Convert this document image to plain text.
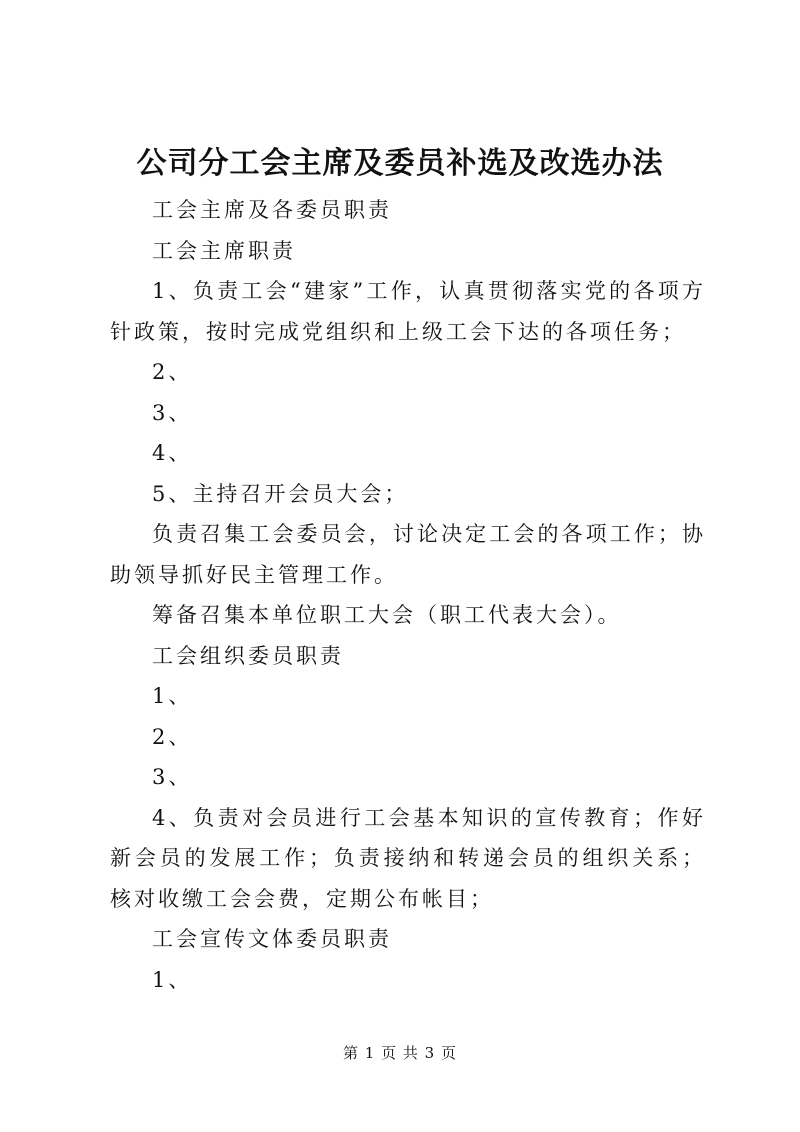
公司分工会主席及委员补选及改选办法

工会主席及各委员职责

工会主席职责

1、负责工会“建家”工作，认真贯彻落实党的各项方针政策，按时完成党组织和上级工会下达的各项任务；

2、

3、

4、

5、主持召开会员大会；

负责召集工会委员会，讨论决定工会的各项工作；协助领导抓好民主管理工作。

筹备召集本单位职工大会（职工代表大会）。

工会组织委员职责

1、

2、

3、

4、负责对会员进行工会基本知识的宣传教育；作好新会员的发展工作；负责接纳和转递会员的组织关系；核对收缴工会会费，定期公布帐目；

工会宣传文体委员职责

1、

第 1 页 共 3 页
